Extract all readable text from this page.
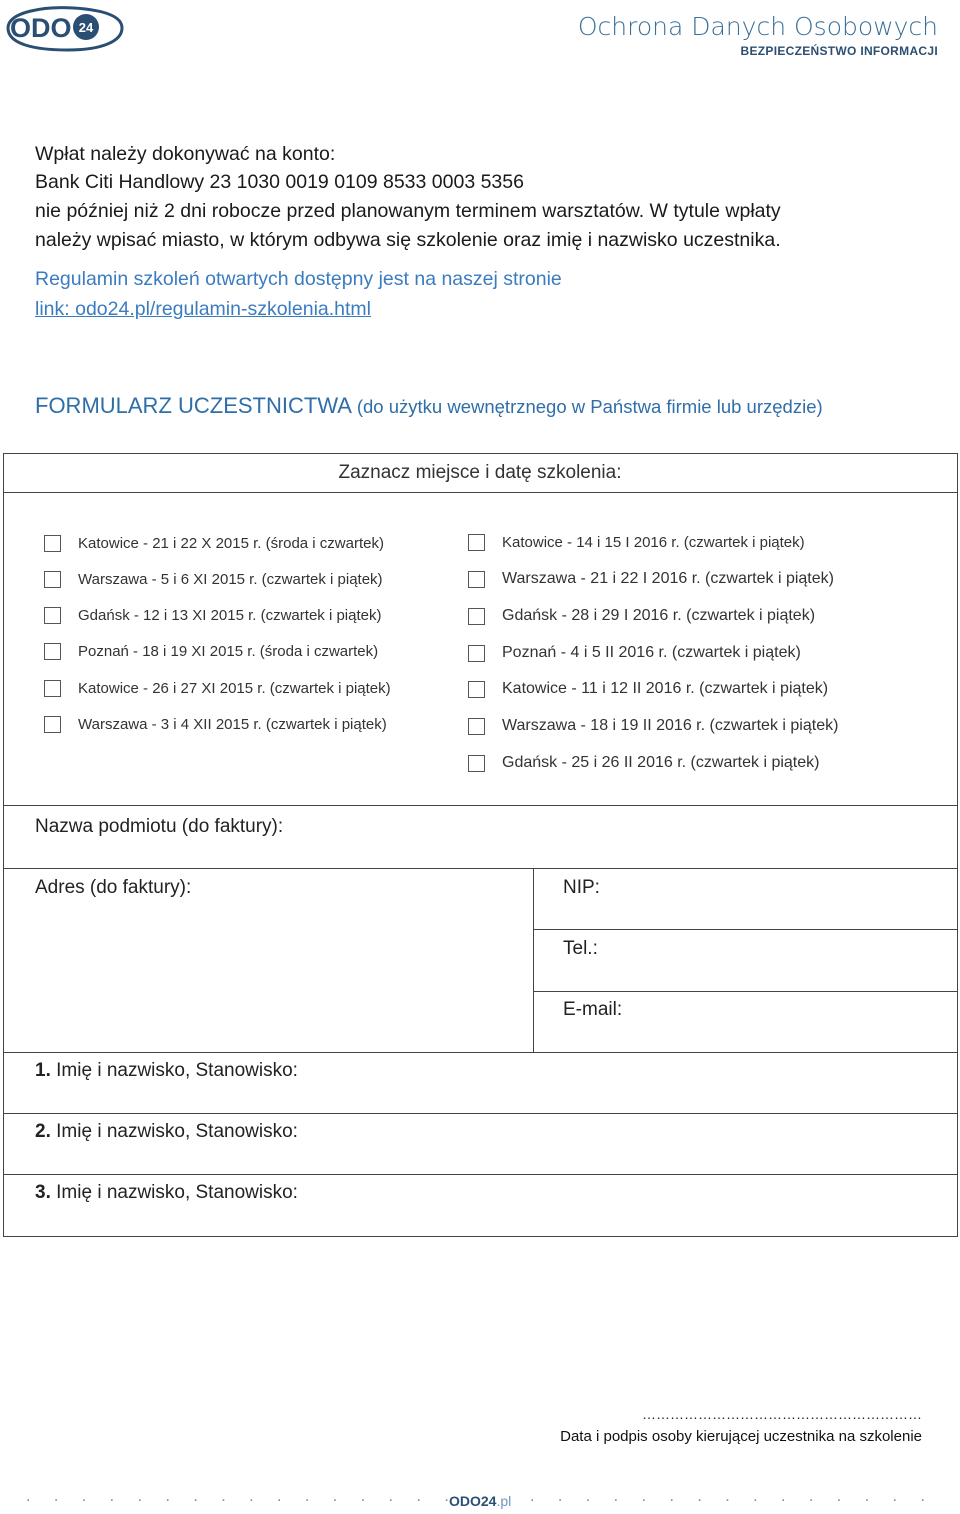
ODO 24	Ochrona Danych Osobowych
BEZPIECZEŃSTWO INFORMACJI
Wpłat należy dokonywać na konto:
Bank Citi Handlowy 23 1030 0019 0109 8533 0003 5356
nie później niż 2 dni robocze przed planowanym terminem warsztatów. W tytule wpłaty
należy wpisać miasto, w którym odbywa się szkolenie oraz imię i nazwisko uczestnika.
Regulamin szkoleń otwartych dostępny jest na naszej stronie
link: odo24.pl/regulamin-szkolenia.html
FORMULARZ UCZESTNICTWA (do użytku wewnętrznego w Państwa firmie lub urzędzie)
Zaznacz miejsce i datę szkolenia:
Katowice - 21 i 22 X 2015 r. (środa i czwartek)
Warszawa - 5 i 6 XI 2015 r. (czwartek i piątek)
Gdańsk - 12 i 13 XI 2015 r. (czwartek i piątek)
Poznań - 18 i 19 XI 2015 r. (środa i czwartek)
Katowice - 26 i 27 XI 2015 r. (czwartek i piątek)
Warszawa - 3 i 4 XII 2015 r. (czwartek i piątek)
Katowice - 14 i 15 I 2016 r. (czwartek i piątek)
Warszawa - 21 i 22 I 2016 r. (czwartek i piątek)
Gdańsk - 28 i 29 I 2016 r. (czwartek i piątek)
Poznań - 4 i 5 II 2016 r. (czwartek i piątek)
Katowice - 11 i 12 II 2016 r. (czwartek i piątek)
Warszawa - 18 i 19 II 2016 r. (czwartek i piątek)
Gdańsk - 25 i 26 II 2016 r. (czwartek i piątek)
Nazwa podmiotu (do faktury):
Adres (do faktury):	NIP:
Tel.:
E-mail:
1. Imię i nazwisko, Stanowisko:
2. Imię i nazwisko, Stanowisko:
3. Imię i nazwisko, Stanowisko:
……………………………………………………
Data i podpis osoby kierującej uczestnika na szkolenie
. . . . . . . . . . . . . . . . ODO24.pl . . . . . . . . . . . . . . .
